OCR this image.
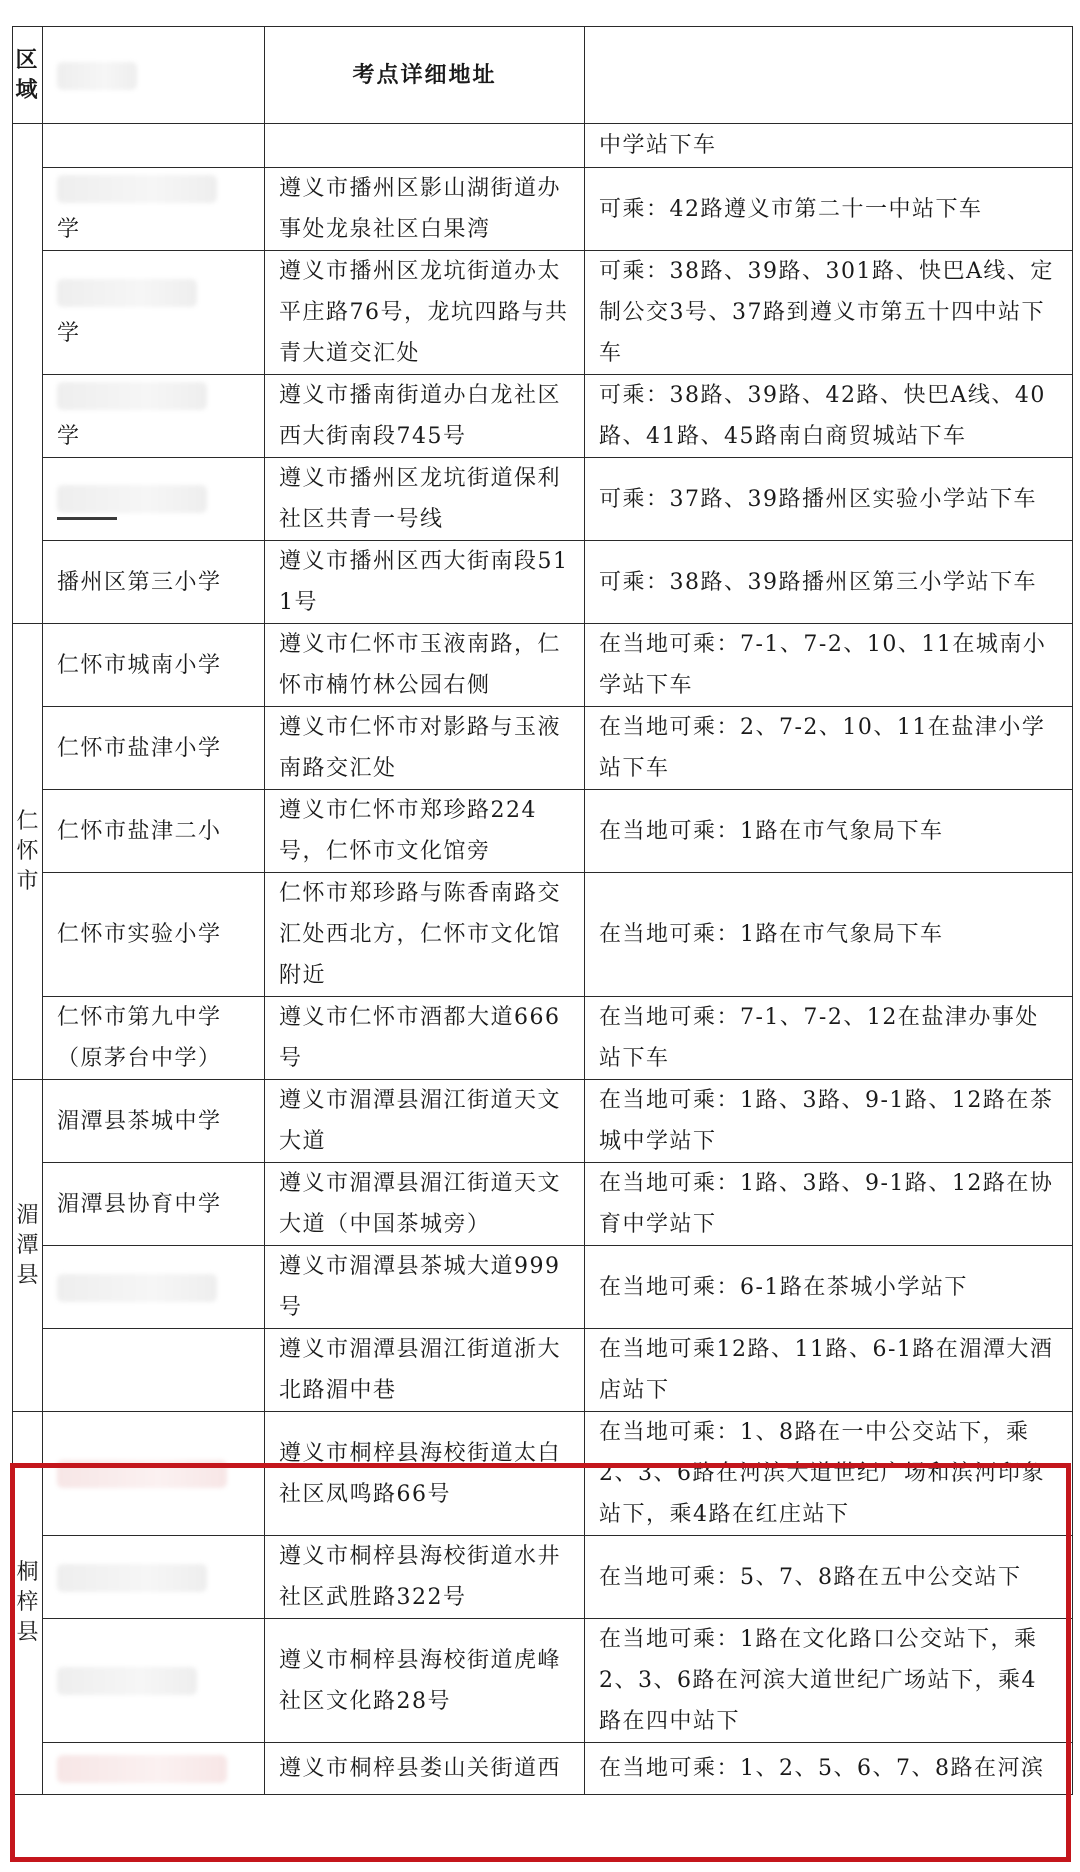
区域		考点详细地址	
			中学站下车

学	遵义市播州区影山湖街道办事处龙泉社区白果湾	可乘：42路遵义市第二十一中站下车

学	遵义市播州区龙坑街道办太平庄路76号，龙坑四路与共青大道交汇处	可乘：38路、39路、301路、快巴A线、定制公交3号、37路到遵义市第五十四中站下车

学	遵义市播南街道办白龙社区西大街南段745号	可乘：38路、39路、42路、快巴A线、40路、41路、45路南白商贸城站下车

		遵义市播州区龙坑街道保利社区共青一号线	可乘：37路、39路播州区实验小学站下车
	播州区第三小学	遵义市播州区西大街南段511号	可乘：38路、39路播州区第三小学站下车
仁怀市	仁怀市城南小学	遵义市仁怀市玉液南路，仁怀市楠竹林公园右侧	在当地可乘：7-1、7-2、10、11在城南小学站下车
	仁怀市盐津小学	遵义市仁怀市对影路与玉液南路交汇处	在当地可乘：2、7-2、10、11在盐津小学站下车
	仁怀市盐津二小	遵义市仁怀市郑珍路224号，仁怀市文化馆旁	在当地可乘：1路在市气象局下车
	仁怀市实验小学	仁怀市郑珍路与陈香南路交汇处西北方，仁怀市文化馆附近	在当地可乘：1路在市气象局下车
	仁怀市第九中学（原茅台中学）	遵义市仁怀市酒都大道666号	在当地可乘：7-1、7-2、12在盐津办事处站下车
湄潭县	湄潭县茶城中学	遵义市湄潭县湄江街道天文大道	在当地可乘：1路、3路、9-1路、12路在茶城中学站下
	湄潭县协育中学	遵义市湄潭县湄江街道天文大道（中国茶城旁）	在当地可乘：1路、3路、9-1路、12路在协育中学站下
		遵义市湄潭县茶城大道999号	在当地可乘：6-1路在茶城小学站下
		遵义市湄潭县湄江街道浙大北路湄中巷	在当地可乘12路、11路、6-1路在湄潭大酒店站下
桐梓县		遵义市桐梓县海校街道太白社区凤鸣路66号	在当地可乘：1、8路在一中公交站下，乘2、3、6路在河滨大道世纪广场和滨河印象站下，乘4路在红庄站下
		遵义市桐梓县海校街道水井社区武胜路322号	在当地可乘：5、7、8路在五中公交站下
		遵义市桐梓县海校街道虎峰社区文化路28号	在当地可乘：1路在文化路口公交站下，乘2、3、6路在河滨大道世纪广场站下，乘4路在四中站下
		遵义市桐梓县娄山关街道西	在当地可乘：1、2、5、6、7、8路在河滨
